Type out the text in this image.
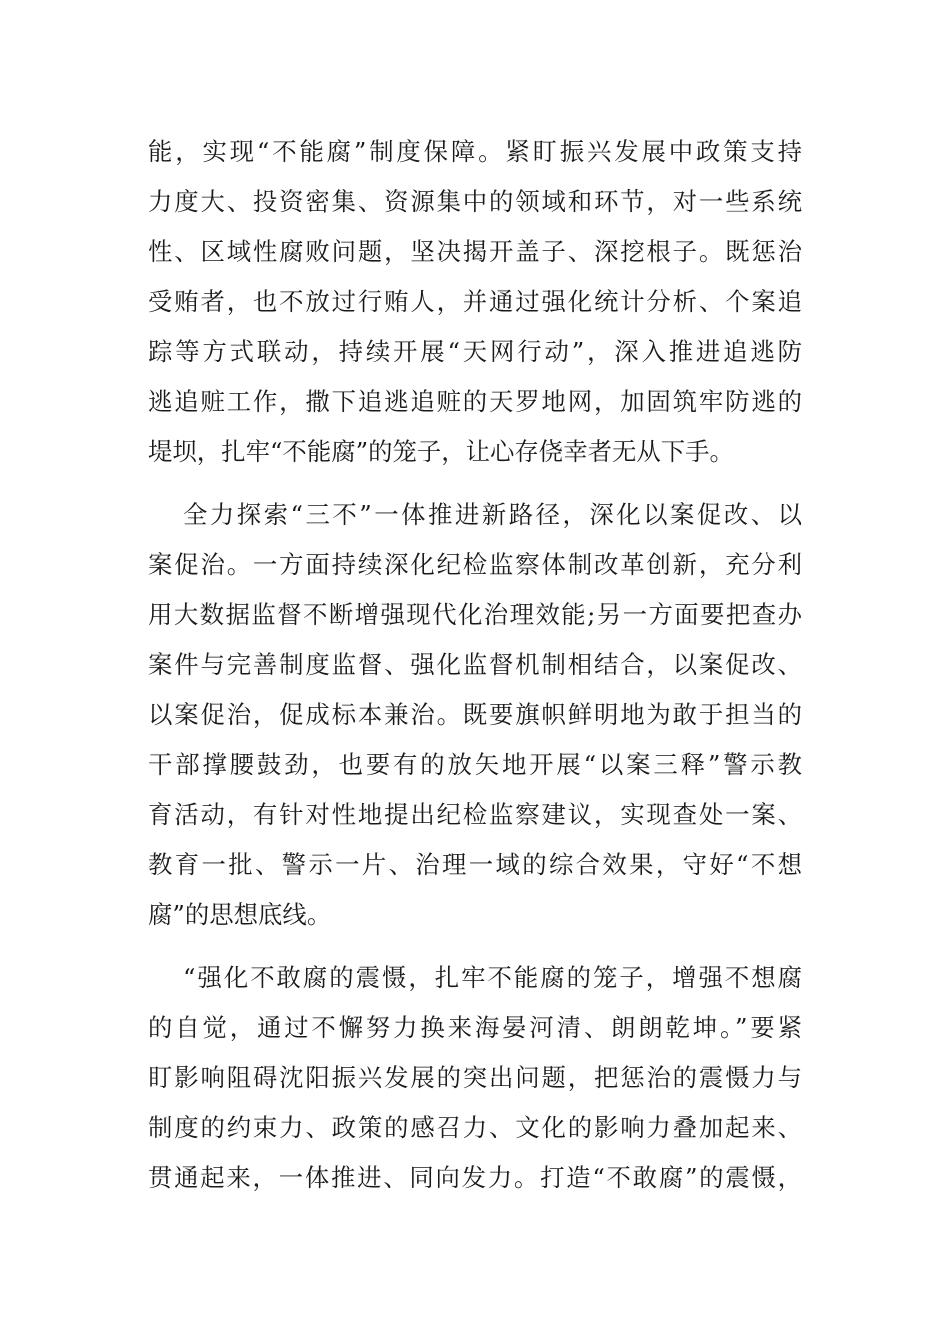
能，实现“不能腐”制度保障。紧盯振兴发展中政策支持
力度大、投资密集、资源集中的领域和环节，对一些系统
性、区域性腐败问题，坚决揭开盖子、深挖根子。既惩治
受贿者，也不放过行贿人，并通过强化统计分析、个案追
踪等方式联动，持续开展“天网行动”，深入推进追逃防
逃追赃工作，撒下追逃追赃的天罗地网，加固筑牢防逃的
堤坝，扎牢“不能腐”的笼子，让心存侥幸者无从下手。
全力探索“三不”一体推进新路径，深化以案促改、以
案促治。一方面持续深化纪检监察体制改革创新，充分利
用大数据监督不断增强现代化治理效能;另一方面要把查办
案件与完善制度监督、强化监督机制相结合，以案促改、
以案促治，促成标本兼治。既要旗帜鲜明地为敢于担当的
干部撑腰鼓劲，也要有的放矢地开展“以案三释”警示教
育活动，有针对性地提出纪检监察建议，实现查处一案、
教育一批、警示一片、治理一域的综合效果，守好“不想
腐”的思想底线。
“强化不敢腐的震慑，扎牢不能腐的笼子，增强不想腐
的自觉，通过不懈努力换来海晏河清、朗朗乾坤。”要紧
盯影响阻碍沈阳振兴发展的突出问题，把惩治的震慑力与
制度的约束力、政策的感召力、文化的影响力叠加起来、
贯通起来，一体推进、同向发力。打造“不敢腐”的震慑，
